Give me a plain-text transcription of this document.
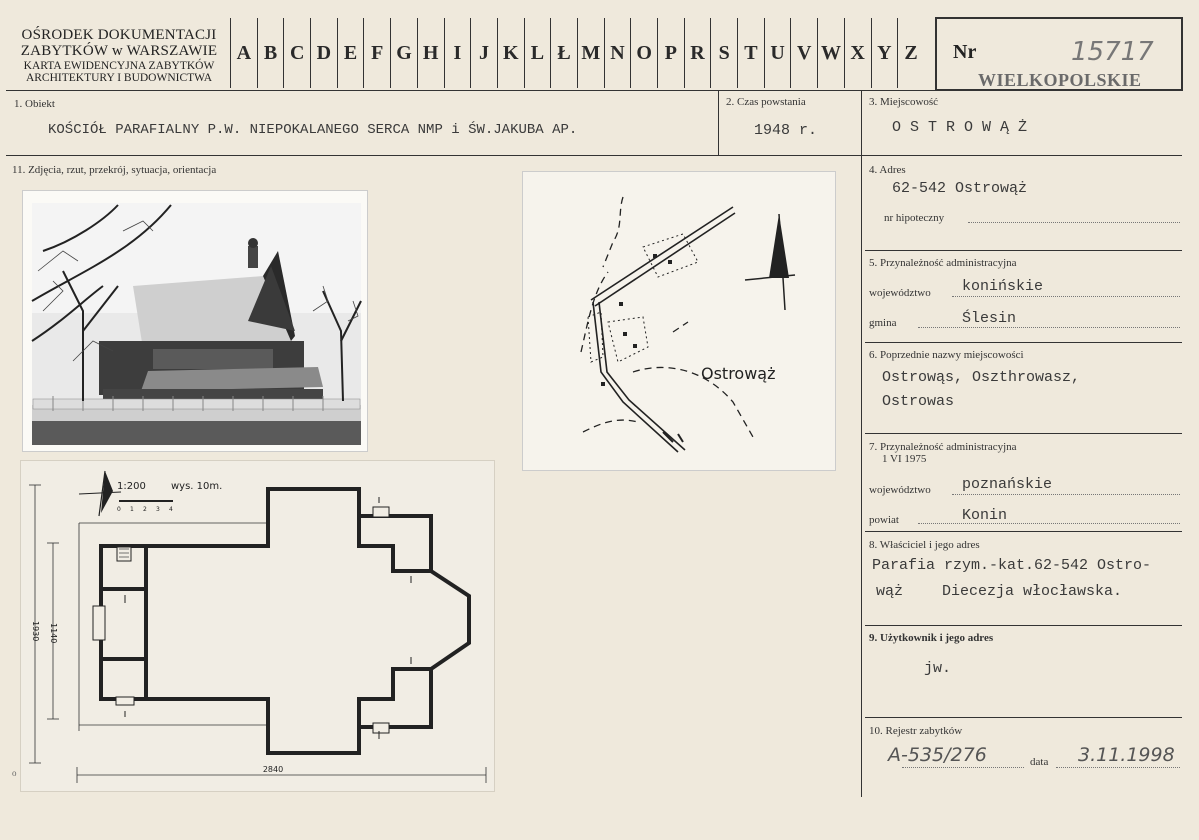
OŚRODEK DOKUMENTACJI
ZABYTKÓW w WARSZAWIE
KARTA EWIDENCYJNA ZABYTKÓW
ARCHITEKTURY I BUDOWNICTWA
A B C D E F G H I J K L Ł M N O P R S T U V W X Y Z	Nr	15717
WIELKOPOLSKIE
1. Obiekt
KOŚCIÓŁ PARAFIALNY P.W. NIEPOKALANEGO SERCA NMP i ŚW.JAKUBA AP.
2. Czas powstania
1948 r.
3. Miejscowość
O S T R O W Ą Ż
11. Zdjęcia, rzut, przekrój, sytuacja, orientacja	4. Adres
62-542 Ostrowąż
nr hipoteczny
5. Przynależność administracyjna
województwo konińskie
gmina	Ślesin
6. Poprzednie nazwy miejscowości
Ostrowąs, Oszthrowasz,
Ostrowas
7. Przynależność administracyjna
1 VI 1975
województwo poznańskie
powiat	Konin
8. Właściciel i jego adres
Parafia rzym.-kat.62-542 Ostro-
wąż	Diecezja włocławska.
9. Użytkownik i jego adres
jw.
10. Rejestr zabytków
A-535/276	data 3.11.1998
Ostrowąż
1:200	wys. 10m.
0 1 2 3 4
2840
1930 1140
o
